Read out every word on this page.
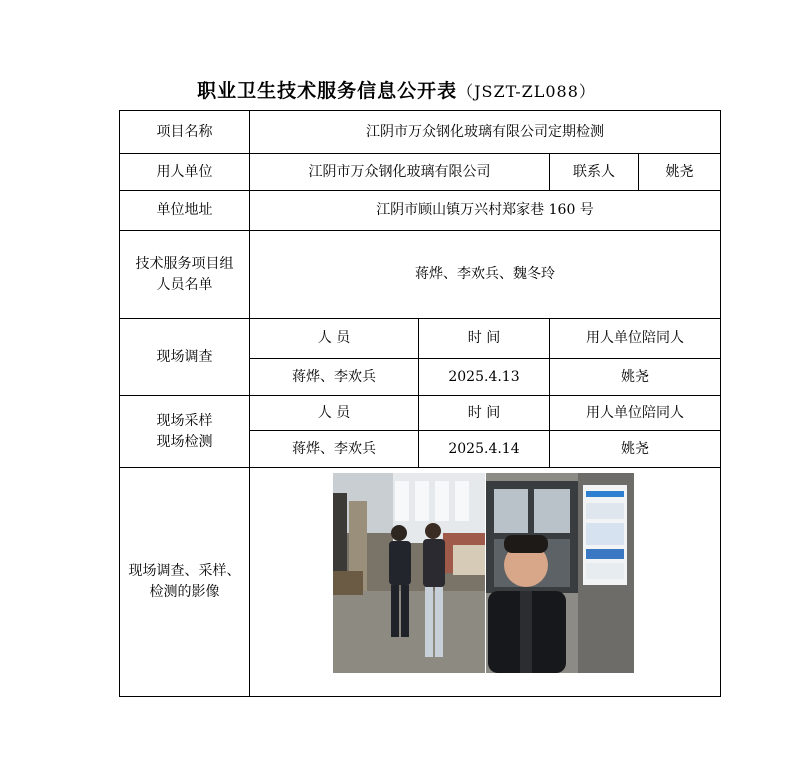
职业卫生技术服务信息公开表（JSZT-ZL088）
项目名称	江阴市万众钢化玻璃有限公司定期检测			
用人单位	江阴市万众钢化玻璃有限公司		联系人	姚尧
单位地址	江阴市顾山镇万兴村郑家巷 160 号			

技术服务项目组
人员名单	蒋烨、李欢兵、魏冬玲			
现场调查	人 员	时 间	用人单位陪同人	
	蒋烨、李欢兵	2025.4.13	姚尧	

现场采样
现场检测	人 员	时 间	用人单位陪同人	
	蒋烨、李欢兵	2025.4.14	姚尧	

现场调查、采样、
检测的影像
